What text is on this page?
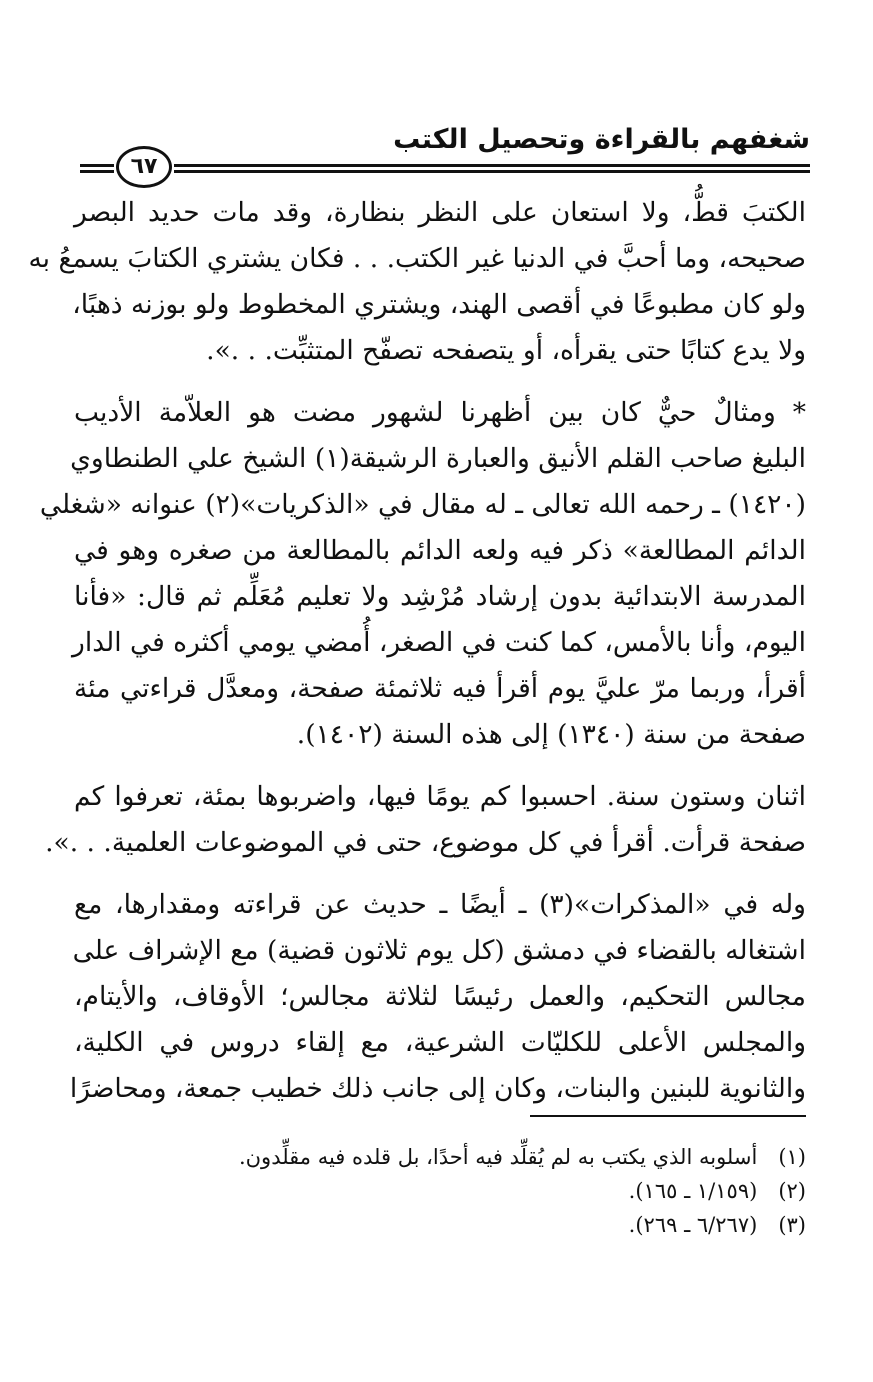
شغفهم بالقراءة وتحصيل الكتب
٦٧

الكتبَ قطُّ، ولا استعان على النظر بنظارة، وقد مات حديد البصر
صحيحه، وما أحبَّ في الدنيا غير الكتب. . . فكان يشتري الكتابَ يسمعُ به
ولو كان مطبوعًا في أقصى الهند، ويشتري المخطوط ولو بوزنه ذهبًا،
ولا يدع كتابًا حتى يقرأه، أو يتصفحه تصفّح المتثبِّت. . .».

* ومثالٌ حيٌّ كان بين أظهرنا لشهور مضت هو العلاّمة الأديب
البليغ صاحب القلم الأنيق والعبارة الرشيقة(١) الشيخ علي الطنطاوي
(١٤٢٠) ـ رحمه الله تعالى ـ له مقال في «الذكريات»(٢) عنوانه «شغلي
الدائم المطالعة» ذكر فيه ولعه الدائم بالمطالعة من صغره وهو في
المدرسة الابتدائية بدون إرشاد مُرْشِد ولا تعليم مُعَلِّم ثم قال: «فأنا
اليوم، وأنا بالأمس، كما كنت في الصغر، أُمضي يومي أكثره في الدار
أقرأ، وربما مرّ عليَّ يوم أقرأ فيه ثلاثمئة صفحة، ومعدَّل قراءتي مئة
صفحة من سنة (١٣٤٠) إلى هذه السنة (١٤٠٢).

اثنان وستون سنة. احسبوا كم يومًا فيها، واضربوها بمئة، تعرفوا كم
صفحة قرأت. أقرأ في كل موضوع، حتى في الموضوعات العلمية. . .».

وله في «المذكرات»(٣) ـ أيضًا ـ حديث عن قراءته ومقدارها، مع
اشتغاله بالقضاء في دمشق (كل يوم ثلاثون قضية) مع الإشراف على
مجالس التحكيم، والعمل رئيسًا لثلاثة مجالس؛ الأوقاف، والأيتام،
والمجلس الأعلى للكليّات الشرعية، مع إلقاء دروس في الكلية،
والثانوية للبنين والبنات، وكان إلى جانب ذلك خطيب جمعة، ومحاضرًا

(١) أسلوبه الذي يكتب به لم يُقلِّد فيه أحدًا، بل قلده فيه مقلِّدون.
(٢) (١/١٥٩ ـ ١٦٥).
(٣) (٦/٢٦٧ ـ ٢٦٩).
